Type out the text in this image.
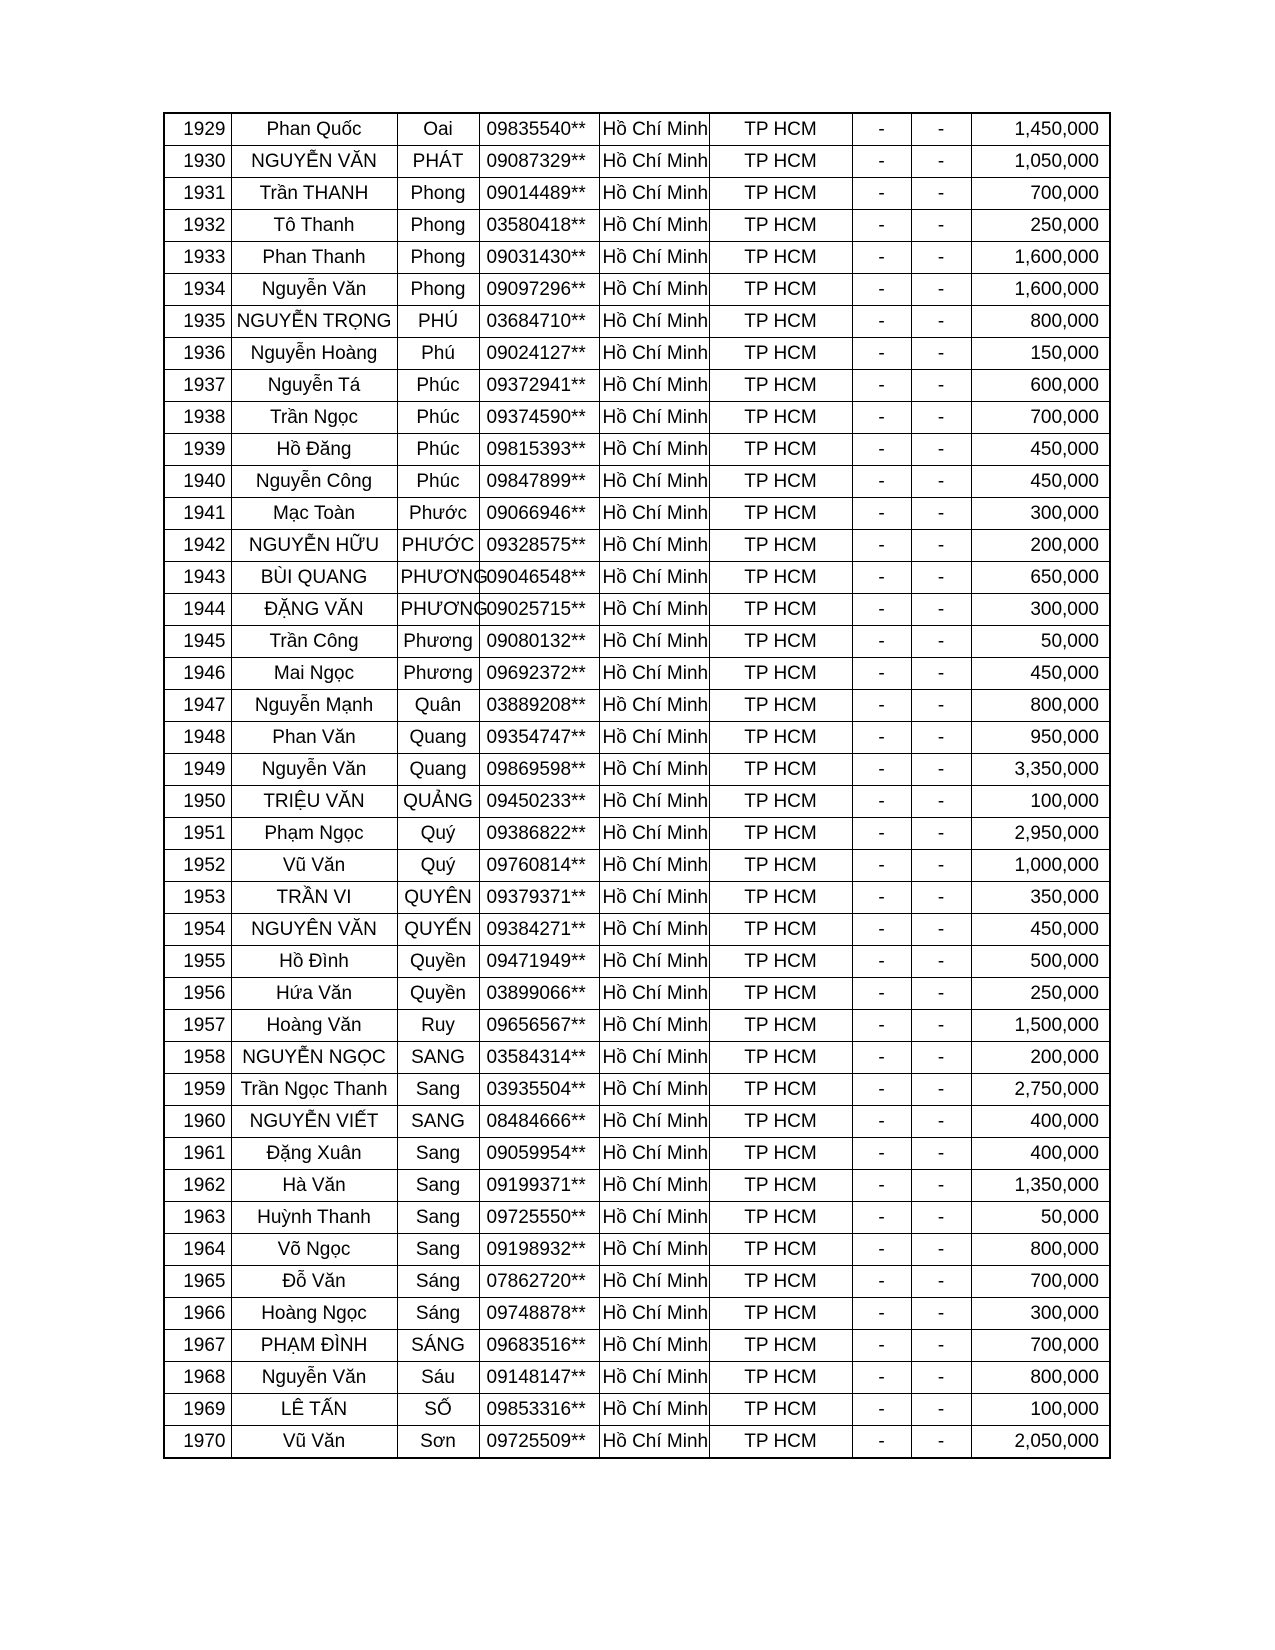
1929	Phan Quốc	Oai	09835540**	Hồ Chí Minh	TP HCM	-	-	1,450,000
1930	NGUYỄN VĂN	PHÁT	09087329**	Hồ Chí Minh	TP HCM	-	-	1,050,000
1931	Trần THANH	Phong	09014489**	Hồ Chí Minh	TP HCM	-	-	700,000
1932	Tô Thanh	Phong	03580418**	Hồ Chí Minh	TP HCM	-	-	250,000
1933	Phan Thanh	Phong	09031430**	Hồ Chí Minh	TP HCM	-	-	1,600,000
1934	Nguyễn Văn	Phong	09097296**	Hồ Chí Minh	TP HCM	-	-	1,600,000
1935	NGUYỄN TRỌNG	PHÚ	03684710**	Hồ Chí Minh	TP HCM	-	-	800,000
1936	Nguyễn Hoàng	Phú	09024127**	Hồ Chí Minh	TP HCM	-	-	150,000
1937	Nguyễn Tá	Phúc	09372941**	Hồ Chí Minh	TP HCM	-	-	600,000
1938	Trần Ngọc	Phúc	09374590**	Hồ Chí Minh	TP HCM	-	-	700,000
1939	Hồ Đăng	Phúc	09815393**	Hồ Chí Minh	TP HCM	-	-	450,000
1940	Nguyễn Công	Phúc	09847899**	Hồ Chí Minh	TP HCM	-	-	450,000
1941	Mạc Toàn	Phước	09066946**	Hồ Chí Minh	TP HCM	-	-	300,000
1942	NGUYỄN HỮU	PHƯỚC	09328575**	Hồ Chí Minh	TP HCM	-	-	200,000
1943	BÙI QUANG	PHƯƠNG	09046548**	Hồ Chí Minh	TP HCM	-	-	650,000
1944	ĐẶNG VĂN	PHƯƠNG	09025715**	Hồ Chí Minh	TP HCM	-	-	300,000
1945	Trần Công	Phương	09080132**	Hồ Chí Minh	TP HCM	-	-	50,000
1946	Mai Ngọc	Phương	09692372**	Hồ Chí Minh	TP HCM	-	-	450,000
1947	Nguyễn Mạnh	Quân	03889208**	Hồ Chí Minh	TP HCM	-	-	800,000
1948	Phan Văn	Quang	09354747**	Hồ Chí Minh	TP HCM	-	-	950,000
1949	Nguyễn Văn	Quang	09869598**	Hồ Chí Minh	TP HCM	-	-	3,350,000
1950	TRIỆU VĂN	QUẢNG	09450233**	Hồ Chí Minh	TP HCM	-	-	100,000
1951	Phạm Ngọc	Quý	09386822**	Hồ Chí Minh	TP HCM	-	-	2,950,000
1952	Vũ Văn	Quý	09760814**	Hồ Chí Minh	TP HCM	-	-	1,000,000
1953	TRẦN VI	QUYÊN	09379371**	Hồ Chí Minh	TP HCM	-	-	350,000
1954	NGUYÊN VĂN	QUYẾN	09384271**	Hồ Chí Minh	TP HCM	-	-	450,000
1955	Hồ Đình	Quyền	09471949**	Hồ Chí Minh	TP HCM	-	-	500,000
1956	Hứa Văn	Quyền	03899066**	Hồ Chí Minh	TP HCM	-	-	250,000
1957	Hoàng Văn	Ruy	09656567**	Hồ Chí Minh	TP HCM	-	-	1,500,000
1958	NGUYỄN NGỌC	SANG	03584314**	Hồ Chí Minh	TP HCM	-	-	200,000
1959	Trần Ngọc Thanh	Sang	03935504**	Hồ Chí Minh	TP HCM	-	-	2,750,000
1960	NGUYỄN VIẾT	SANG	08484666**	Hồ Chí Minh	TP HCM	-	-	400,000
1961	Đặng Xuân	Sang	09059954**	Hồ Chí Minh	TP HCM	-	-	400,000
1962	Hà Văn	Sang	09199371**	Hồ Chí Minh	TP HCM	-	-	1,350,000
1963	Huỳnh Thanh	Sang	09725550**	Hồ Chí Minh	TP HCM	-	-	50,000
1964	Võ Ngọc	Sang	09198932**	Hồ Chí Minh	TP HCM	-	-	800,000
1965	Đỗ Văn	Sáng	07862720**	Hồ Chí Minh	TP HCM	-	-	700,000
1966	Hoàng Ngọc	Sáng	09748878**	Hồ Chí Minh	TP HCM	-	-	300,000
1967	PHẠM ĐÌNH	SÁNG	09683516**	Hồ Chí Minh	TP HCM	-	-	700,000
1968	Nguyễn Văn	Sáu	09148147**	Hồ Chí Minh	TP HCM	-	-	800,000
1969	LÊ TẤN	SỐ	09853316**	Hồ Chí Minh	TP HCM	-	-	100,000
1970	Vũ Văn	Sơn	09725509**	Hồ Chí Minh	TP HCM	-	-	2,050,000
